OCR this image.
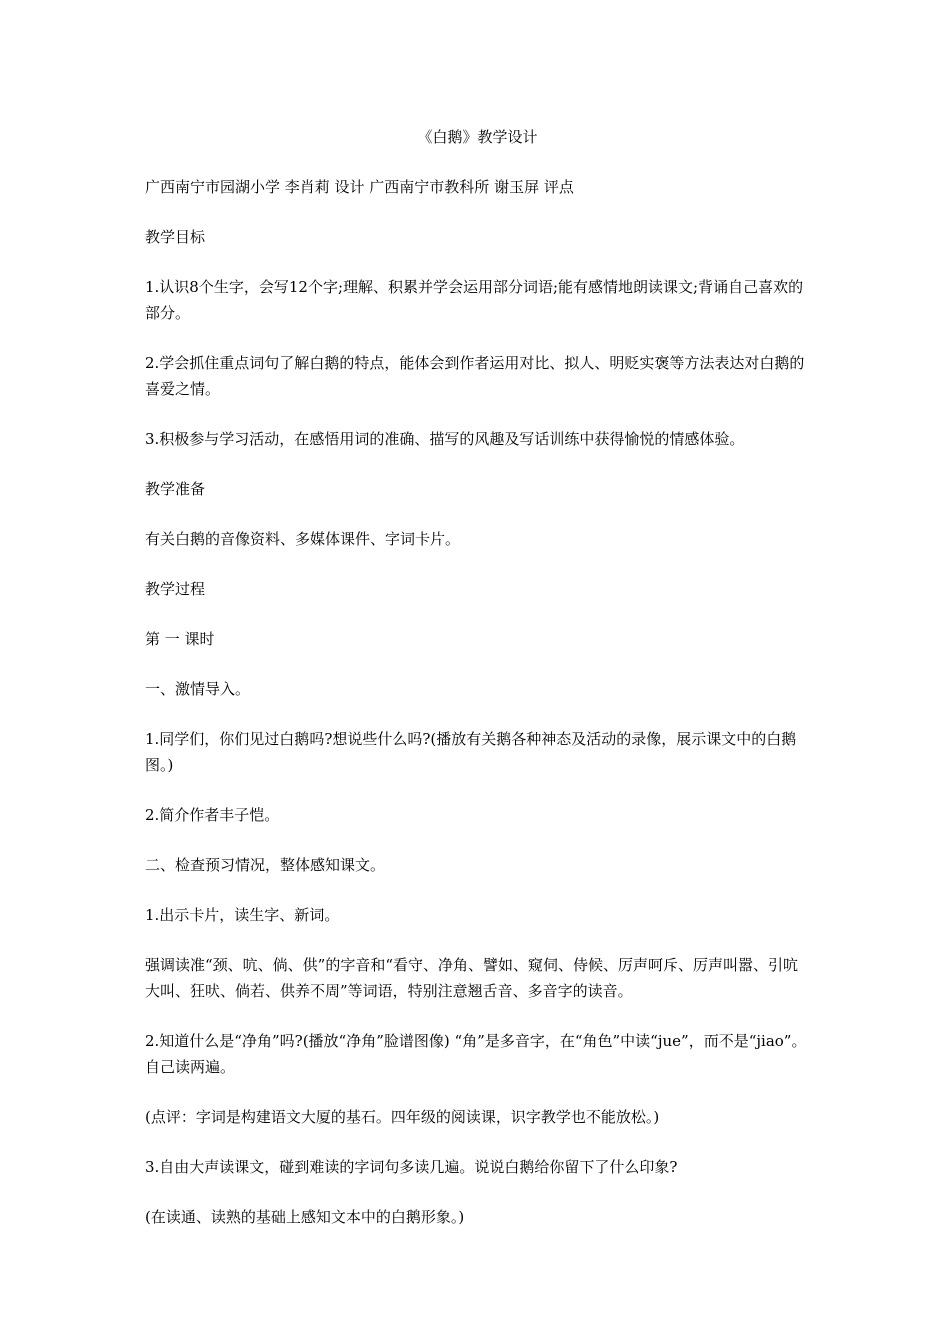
《白鹅》教学设计
广西南宁市园湖小学 李肖莉 设计 广西南宁市教科所 谢玉屏 评点
教学目标
1.认识8个生字，会写12个字;理解、积累并学会运用部分词语;能有感情地朗读课文;背诵自己喜欢的部分。
2.学会抓住重点词句了解白鹅的特点，能体会到作者运用对比、拟人、明贬实褒等方法表达对白鹅的喜爱之情。
3.积极参与学习活动，在感悟用词的准确、描写的风趣及写话训练中获得愉悦的情感体验。
教学准备
有关白鹅的音像资料、多媒体课件、字词卡片。
教学过程
第 一 课时
一、激情导入。
1.同学们，你们见过白鹅吗?想说些什么吗?(播放有关鹅各种神态及活动的录像，展示课文中的白鹅图。)
2.简介作者丰子恺。
二、检查预习情况，整体感知课文。
1.出示卡片，读生字、新词。
强调读准“颈、吭、倘、供”的字音和“看守、净角、譬如、窥伺、侍候、厉声呵斥、厉声叫嚣、引吭大叫、狂吠、倘若、供养不周”等词语，特别注意翘舌音、多音字的读音。
2.知道什么是“净角”吗?(播放“净角”脸谱图像) “角”是多音字，在“角色”中读“jue”，而不是“jiao”。自己读两遍。
(点评：字词是构建语文大厦的基石。四年级的阅读课，识字教学也不能放松。)
3.自由大声读课文，碰到难读的字词句多读几遍。说说白鹅给你留下了什么印象?
(在读通、读熟的基础上感知文本中的白鹅形象。)
